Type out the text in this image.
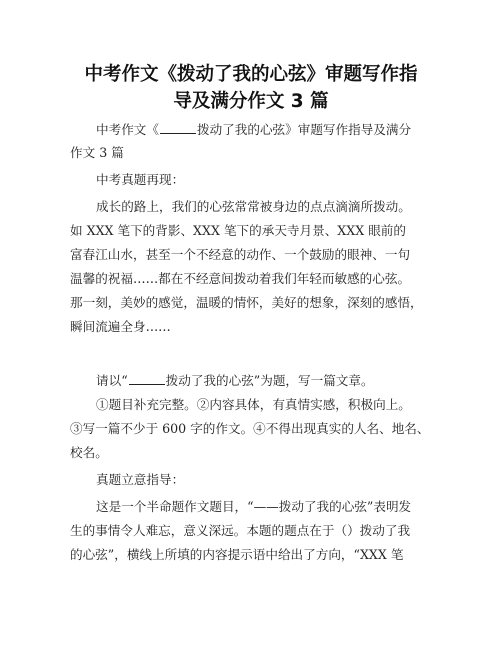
中考作文《拨动了我的心弦》审题写作指
导及满分作文 3 篇
中考作文《	拨动了我的心弦》审题写作指导及满分
作文 3 篇
中考真题再现：
成长的路上，我们的心弦常常被身边的点点滴滴所拨动。
如 XXX 笔下的背影、XXX 笔下的承天寺月景、XXX 眼前的
富春江山水，甚至一个不经意的动作、一个鼓励的眼神、一句
温馨的祝福……都在不经意间拨动着我们年轻而敏感的心弦。
那一刻，美妙的感觉，温暖的情怀，美好的想象，深刻的感悟，
瞬间流遍全身……
请以“	拨动了我的心弦”为题，写一篇文章。
①题目补充完整。②内容具体，有真情实感，积极向上。
③写一篇不少于 600 字的作文。④不得出现真实的人名、地名、
校名。
真题立意指导：
这是一个半命题作文题目，“——拨动了我的心弦”表明发
生的事情令人难忘，意义深远。本题的题点在于（）拨动了我
的心弦”，横线上所填的内容提示语中给出了方向，“XXX 笔
